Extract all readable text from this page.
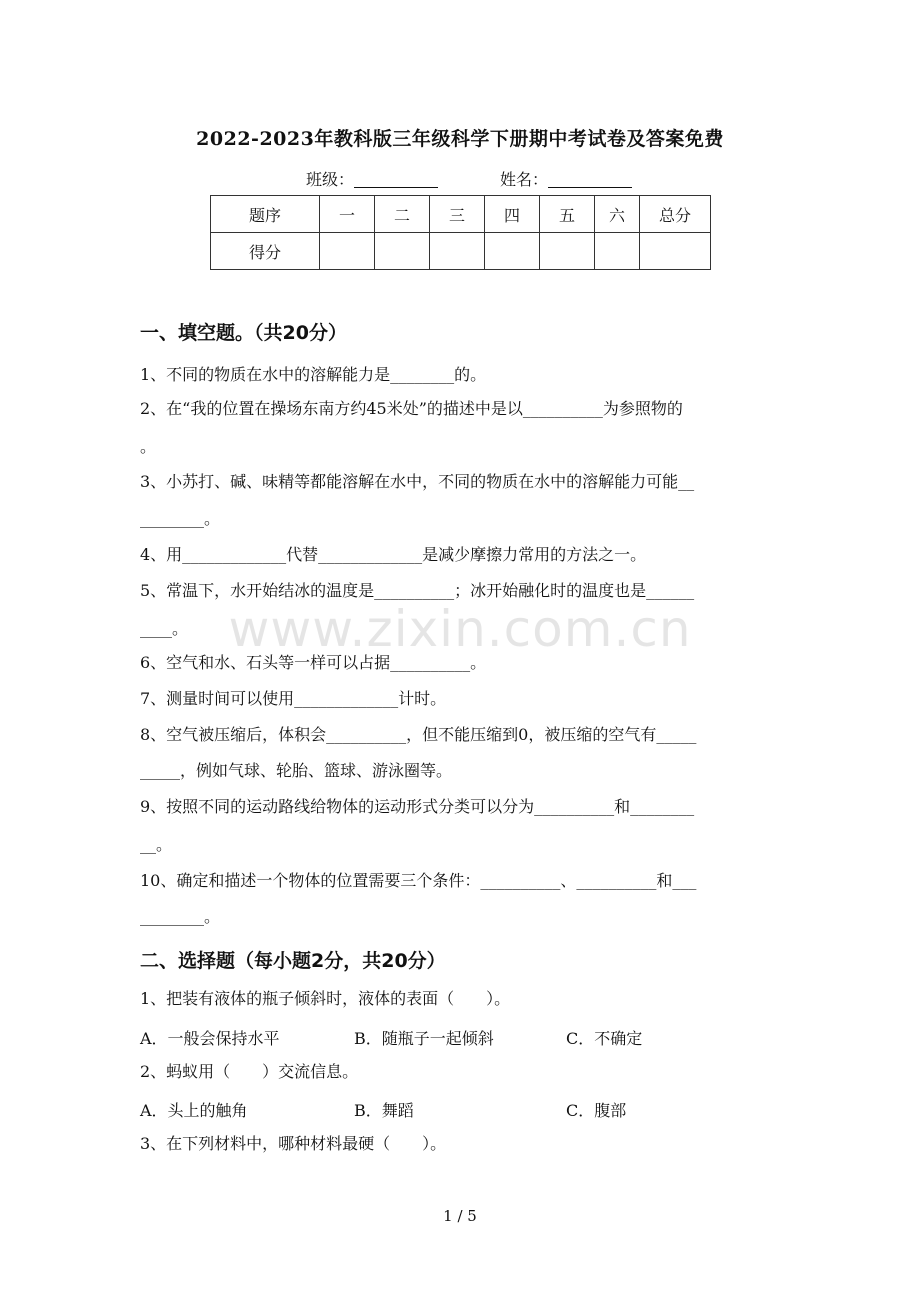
2022-2023年教科版三年级科学下册期中考试卷及答案免费
班级：	姓名：
题序	一	二	三	四	五	六	总分
得分							
一、填空题。（共20分）
1、不同的物质在水中的溶解能力是________的。
2、在“我的位置在操场东南方约45米处”的描述中是以__________为参照物的
。
3、小苏打、碱、味精等都能溶解在水中，不同的物质在水中的溶解能力可能__
________。
4、用_____________代替_____________是减少摩擦力常用的方法之一。
5、常温下，水开始结冰的温度是__________；冰开始融化时的温度也是______
____。
6、空气和水、石头等一样可以占据__________。
7、测量时间可以使用_____________计时。
8、空气被压缩后，体积会__________，但不能压缩到0，被压缩的空气有_____
_____，例如气球、轮胎、篮球、游泳圈等。
9、按照不同的运动路线给物体的运动形式分类可以分为__________和________
__。
10、确定和描述一个物体的位置需要三个条件：__________、__________和___
________。
二、选择题（每小题2分，共20分）
1、把装有液体的瓶子倾斜时，液体的表面（　　）。
A．一般会保持水平	B．随瓶子一起倾斜	C．不确定
2、蚂蚁用（　　）交流信息。
A．头上的触角	B．舞蹈	C．腹部
3、在下列材料中，哪种材料最硬（　　）。
www.zixin.com.cn
1 / 5
